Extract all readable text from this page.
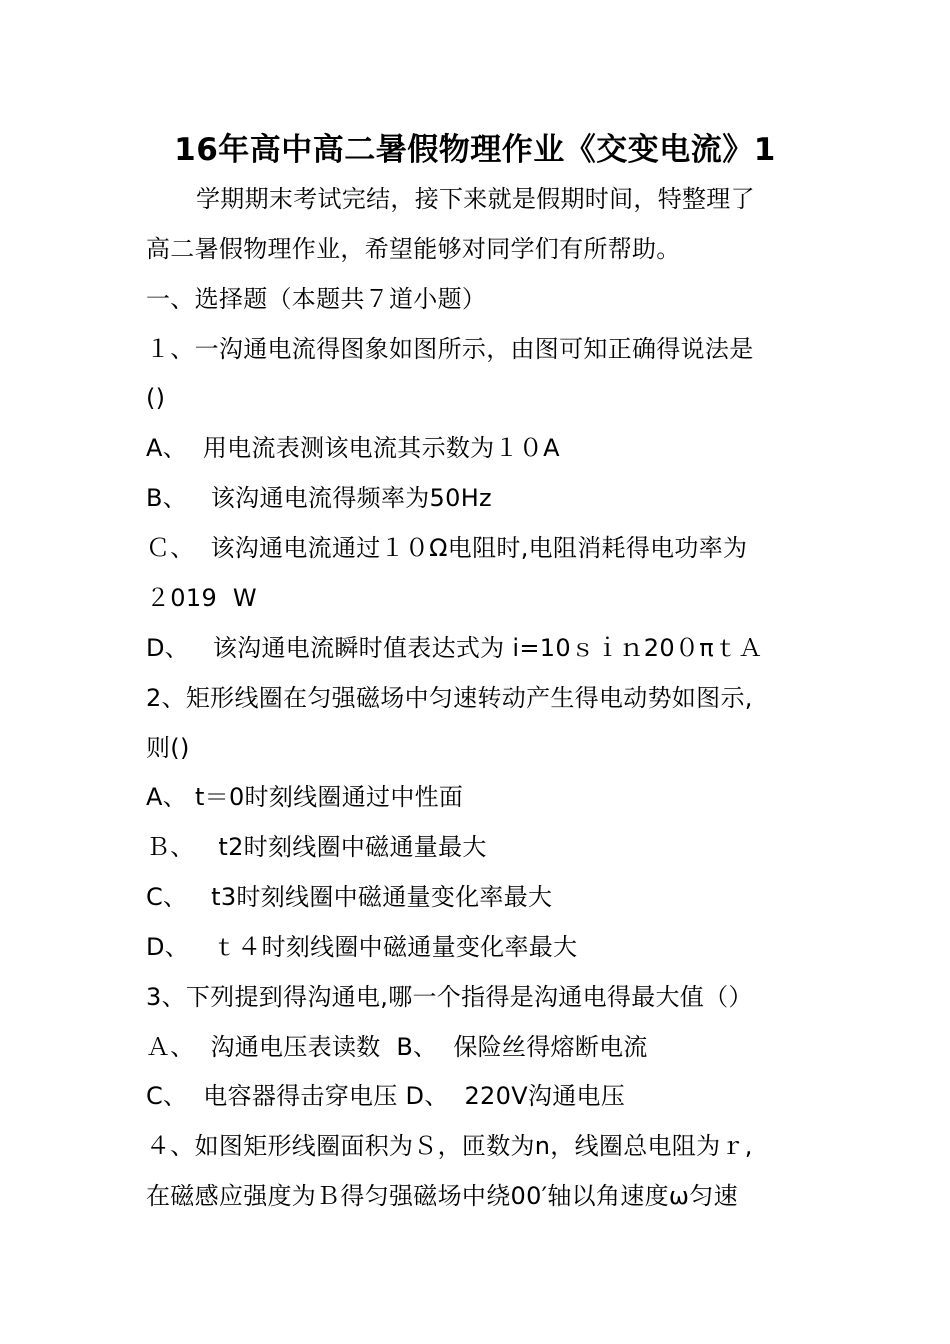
16年高中高二暑假物理作业《交变电流》1
学期期末考试完结，接下来就是假期时间，特整理了
高二暑假物理作业，希望能够对同学们有所帮助。
一、选择题（本题共７道小题）
１、一沟通电流得图象如图所示，由图可知正确得说法是
()
A、  用电流表测该电流其示数为１０A
B、   该沟通电流得频率为50Hz
Ｃ、  该沟通电流通过１０Ω电阻时,电阻消耗得电功率为
２019  W
D、   该沟通电流瞬时值表达式为 i=10ｓｉｎ20０πｔＡ
2、矩形线圈在匀强磁场中匀速转动产生得电动势如图示,
则()
A、 t＝0时刻线圈通过中性面
Ｂ、   t2时刻线圈中磁通量最大
C、   t3时刻线圈中磁通量变化率最大
D、   ｔ４时刻线圈中磁通量变化率最大
3、下列提到得沟通电,哪一个指得是沟通电得最大值（）
Ａ、  沟通电压表读数  B、  保险丝得熔断电流
C、  电容器得击穿电压 D、  220V沟通电压
４、如图矩形线圈面积为Ｓ，匝数为n，线圈总电阻为ｒ,
在磁感应强度为Ｂ得匀强磁场中绕00′轴以角速度ω匀速
